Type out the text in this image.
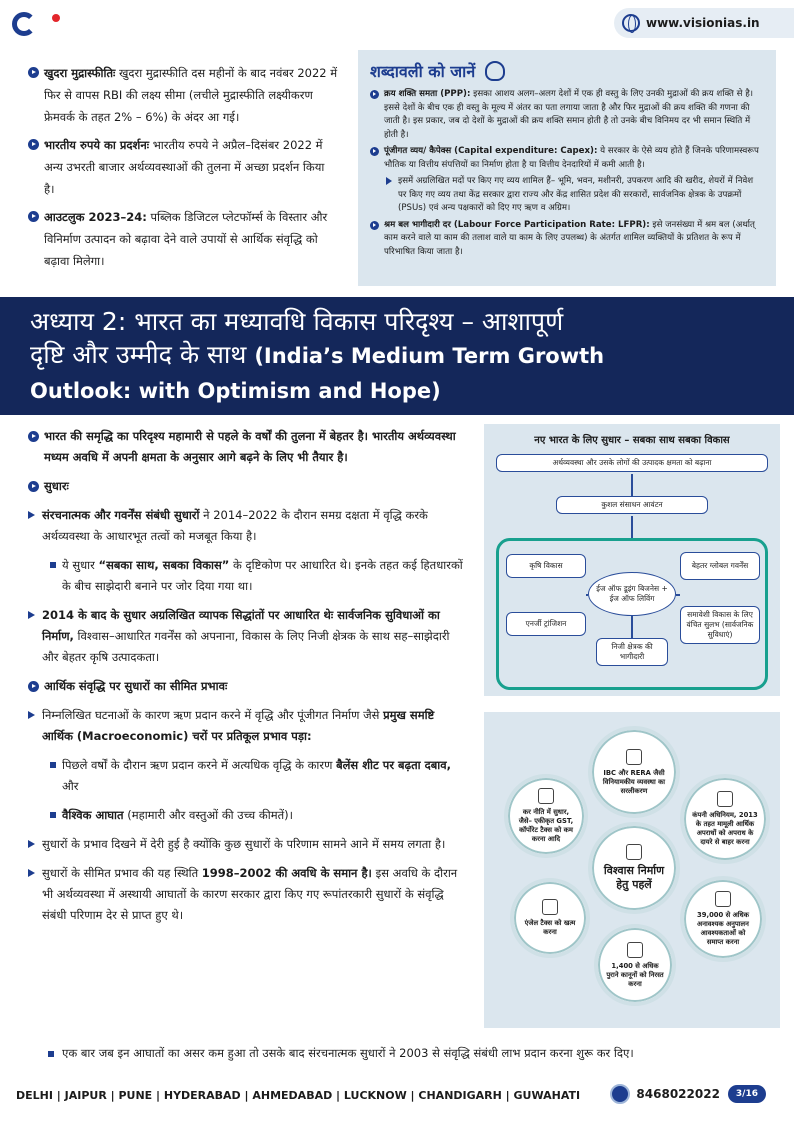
www.visionias.in
खुदरा मुद्रास्फीतिः खुदरा मुद्रास्फीति दस महीनों के बाद नवंबर 2022 में फिर से वापस RBI की लक्ष्य सीमा (लचीले मुद्रास्फीति लक्ष्यीकरण फ्रेमवर्क के तहत 2% – 6%) के अंदर आ गई।
भारतीय रुपये का प्रदर्शनः भारतीय रुपये ने अप्रैल–दिसंबर 2022 में अन्य उभरती बाजार अर्थव्यवस्थाओं की तुलना में अच्छा प्रदर्शन किया है।
आउटलुक 2023–24: पब्लिक डिजिटल प्लेटफॉर्म्स के विस्तार और विनिर्माण उत्पादन को बढ़ावा देने वाले उपायों से आर्थिक संवृद्धि को बढ़ावा मिलेगा।
शब्दावली को जानें
क्रय शक्ति समता (PPP): इसका आशय अलग–अलग देशों में एक ही वस्तु के लिए उनकी मुद्राओं की क्रय शक्ति से है। इससे देशों के बीच एक ही वस्तु के मूल्य में अंतर का पता लगाया जाता है और फिर मुद्राओं की क्रय शक्ति की गणना की जाती है। इस प्रकार, जब दो देशों के मुद्राओं की क्रय शक्ति समान होती है तो उनके बीच विनिमय दर भी समान स्थिति में होती है।
पूंजीगत व्यय/ कैपेक्स (Capital expenditure: Capex): ये सरकार के ऐसे व्यय होते हैं जिनके परिणामस्वरूप भौतिक या वित्तीय संपत्तियों का निर्माण होता है या वित्तीय देनदारियों में कमी आती है।
इसमें अग्रलिखित मदों पर किए गए व्यय शामिल हैं– भूमि, भवन, मशीनरी, उपकरण आदि की खरीद, शेयरों में निवेश पर किए गए व्यय तथा केंद्र सरकार द्वारा राज्य और केंद्र शासित प्रदेश की सरकारों, सार्वजनिक क्षेत्रक के उपक्रमों (PSUs) एवं अन्य पक्षकारों को दिए गए ऋण व अग्रिम।
श्रम बल भागीदारी दर (Labour Force Participation Rate: LFPR): इसे जनसंख्या में श्रम बल (अर्थात् काम करने वाले या काम की तलाश वाले या काम के लिए उपलब्ध) के अंतर्गत शामिल व्यक्तियों के प्रतिशत के रूप में परिभाषित किया जाता है।
अध्याय 2: भारत का मध्यावधि विकास परिदृश्य – आशापूर्ण
दृष्टि और उम्मीद के साथ (India’s Medium Term Growth
Outlook: with Optimism and Hope)
भारत की समृद्धि का परिदृश्य महामारी से पहले के वर्षों की तुलना में बेहतर है। भारतीय अर्थव्यवस्था मध्यम अवधि में अपनी क्षमता के अनुसार आगे बढ़ने के लिए भी तैयार है।
सुधारः
संरचनात्मक और गवर्नेंस संबंधी सुधारों ने 2014–2022 के दौरान समग्र दक्षता में वृद्धि करके अर्थव्यवस्था के आधारभूत तत्वों को मजबूत किया है।
ये सुधार “सबका साथ, सबका विकास” के दृष्टिकोण पर आधारित थे। इनके तहत कई हितधारकों के बीच साझेदारी बनाने पर जोर दिया गया था।
2014 के बाद के सुधार अग्रलिखित व्यापक सिद्धांतों पर आधारित थेः सार्वजनिक सुविधाओं का निर्माण, विश्वास–आधारित गवर्नेंस को अपनाना, विकास के लिए निजी क्षेत्रक के साथ सह–साझेदारी और बेहतर कृषि उत्पादकता।
आर्थिक संवृद्धि पर सुधारों का सीमित प्रभावः
निम्नलिखित घटनाओं के कारण ऋण प्रदान करने में वृद्धि और पूंजीगत निर्माण जैसे प्रमुख समष्टि आर्थिक (Macroeconomic) चरों पर प्रतिकूल प्रभाव पड़ा:
पिछले वर्षों के दौरान ऋण प्रदान करने में अत्यधिक वृद्धि के कारण बैलेंस शीट पर बढ़ता दबाव, और
वैश्विक आघात (महामारी और वस्तुओं की उच्च कीमतें)।
सुधारों के प्रभाव दिखने में देरी हुई है क्योंकि कुछ सुधारों के परिणाम सामने आने में समय लगता है।
सुधारों के सीमित प्रभाव की यह स्थिति 1998–2002 की अवधि के समान है। इस अवधि के दौरान भी अर्थव्यवस्था में अस्थायी आघातों के कारण सरकार द्वारा किए गए रूपांतरकारी सुधारों के संवृद्धि संबंधी परिणाम देर से प्राप्त हुए थे।
नए भारत के लिए सुधार – सबका साथ सबका विकास
अर्थव्यवस्था और उसके लोगों की उत्पादक क्षमता को बढ़ाना
कुशल संसाधन आवंटन
कृषि विकास
एनर्जी ट्रांजिशन
बेहतर ग्लोबल गवर्नेंस
समावेशी विकास के लिए वंचित सुलभ (सार्वजनिक सुविधाएं)
ईज ऑफ डूइंग बिजनेस + ईज ऑफ लिविंग
निजी क्षेत्रक की भागीदारी
IBC और RERA जैसी विनियामकीय व्यवस्था का सरलीकरण
कर नीति में सुधार, जैसे– एकीकृत GST, कॉर्पोरेट टैक्स को कम करना आदि
कंपनी अधिनियम, 2013 के तहत मामूली आर्थिक अपराधों को अपराध के दायरे से बाहर करना
विश्वास निर्माण हेतु पहलें
एंजेल टैक्स को खत्म करना
39,000 से अधिक अनावश्यक अनुपालन आवश्यकताओं को समाप्त करना
1,400 से अधिक पुराने कानूनों को निरस्त करना
एक बार जब इन आघातों का असर कम हुआ तो उसके बाद संरचनात्मक सुधारों ने 2003 से संवृद्धि संबंधी लाभ प्रदान करना शुरू कर दिए।
DELHI | JAIPUR | PUNE | HYDERABAD | AHMEDABAD | LUCKNOW | CHANDIGARH | GUWAHATI	8468022022	3/16
